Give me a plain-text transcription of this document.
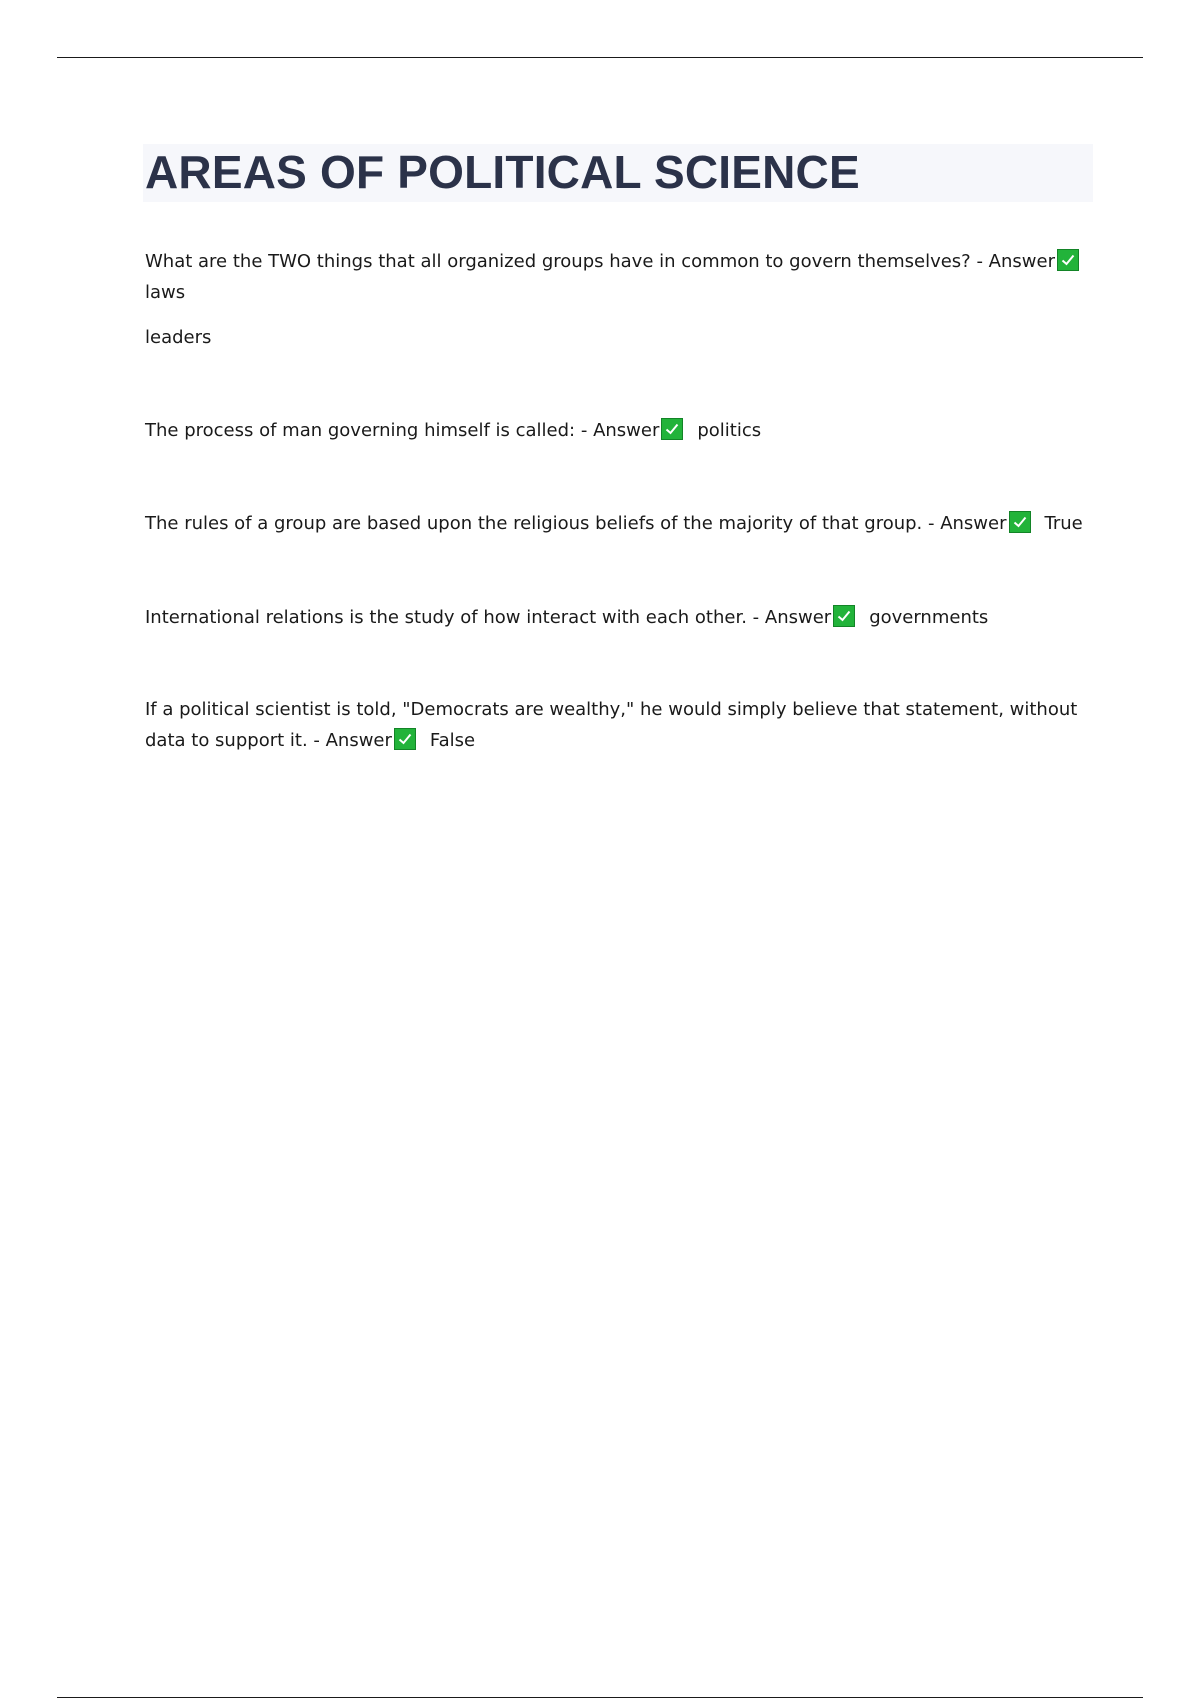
AREAS OF POLITICAL SCIENCE
What are the TWO things that all organized groups have in common to govern themselves? - Answer
laws
leaders
The process of man governing himself is called: - Answer politics
The rules of a group are based upon the religious beliefs of the majority of that group. - Answer True
International relations is the study of how interact with each other. - Answer governments
If a political scientist is told, "Democrats are wealthy," he would simply believe that statement, without
data to support it. - Answer False
